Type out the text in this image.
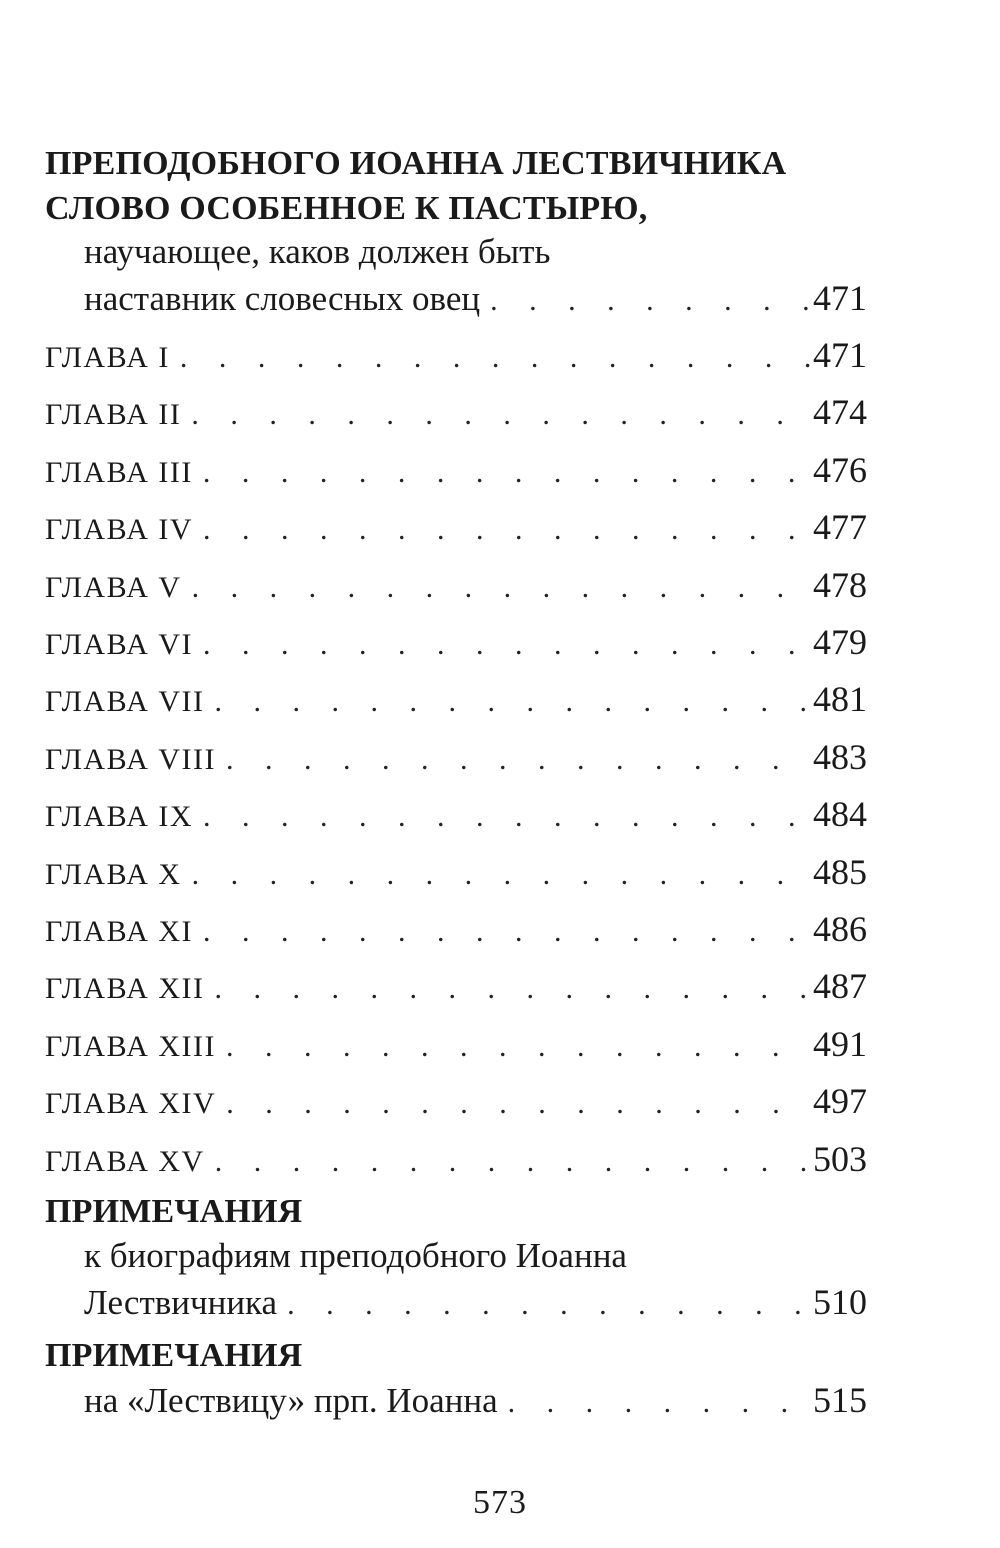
ПРЕПОДОБНОГО ИОАННА ЛЕСТВИЧНИКА
СЛОВО ОСОБЕННОЕ К ПАСТЫРЮ,
научающее, каков должен быть
наставник словесных овец . . .	471
ГЛАВА I . . .	471
ГЛАВА II . . .	474
ГЛАВА III . . .	476
ГЛАВА IV . . .	477
ГЛАВА V . . .	478
ГЛАВА VI . . .	479
ГЛАВА VII . . .	481
ГЛАВА VIII . . .	483
ГЛАВА IX . . .	484
ГЛАВА X . . .	485
ГЛАВА XI . . .	486
ГЛАВА XII . . .	487
ГЛАВА XIII . . .	491
ГЛАВА XIV . . .	497
ГЛАВА XV . . .	503
ПРИМЕЧАНИЯ
к биографиям преподобного Иоанна
Лествичника . . .	510
ПРИМЕЧАНИЯ
на «Лествицу» прп. Иоанна . . .	515
573
